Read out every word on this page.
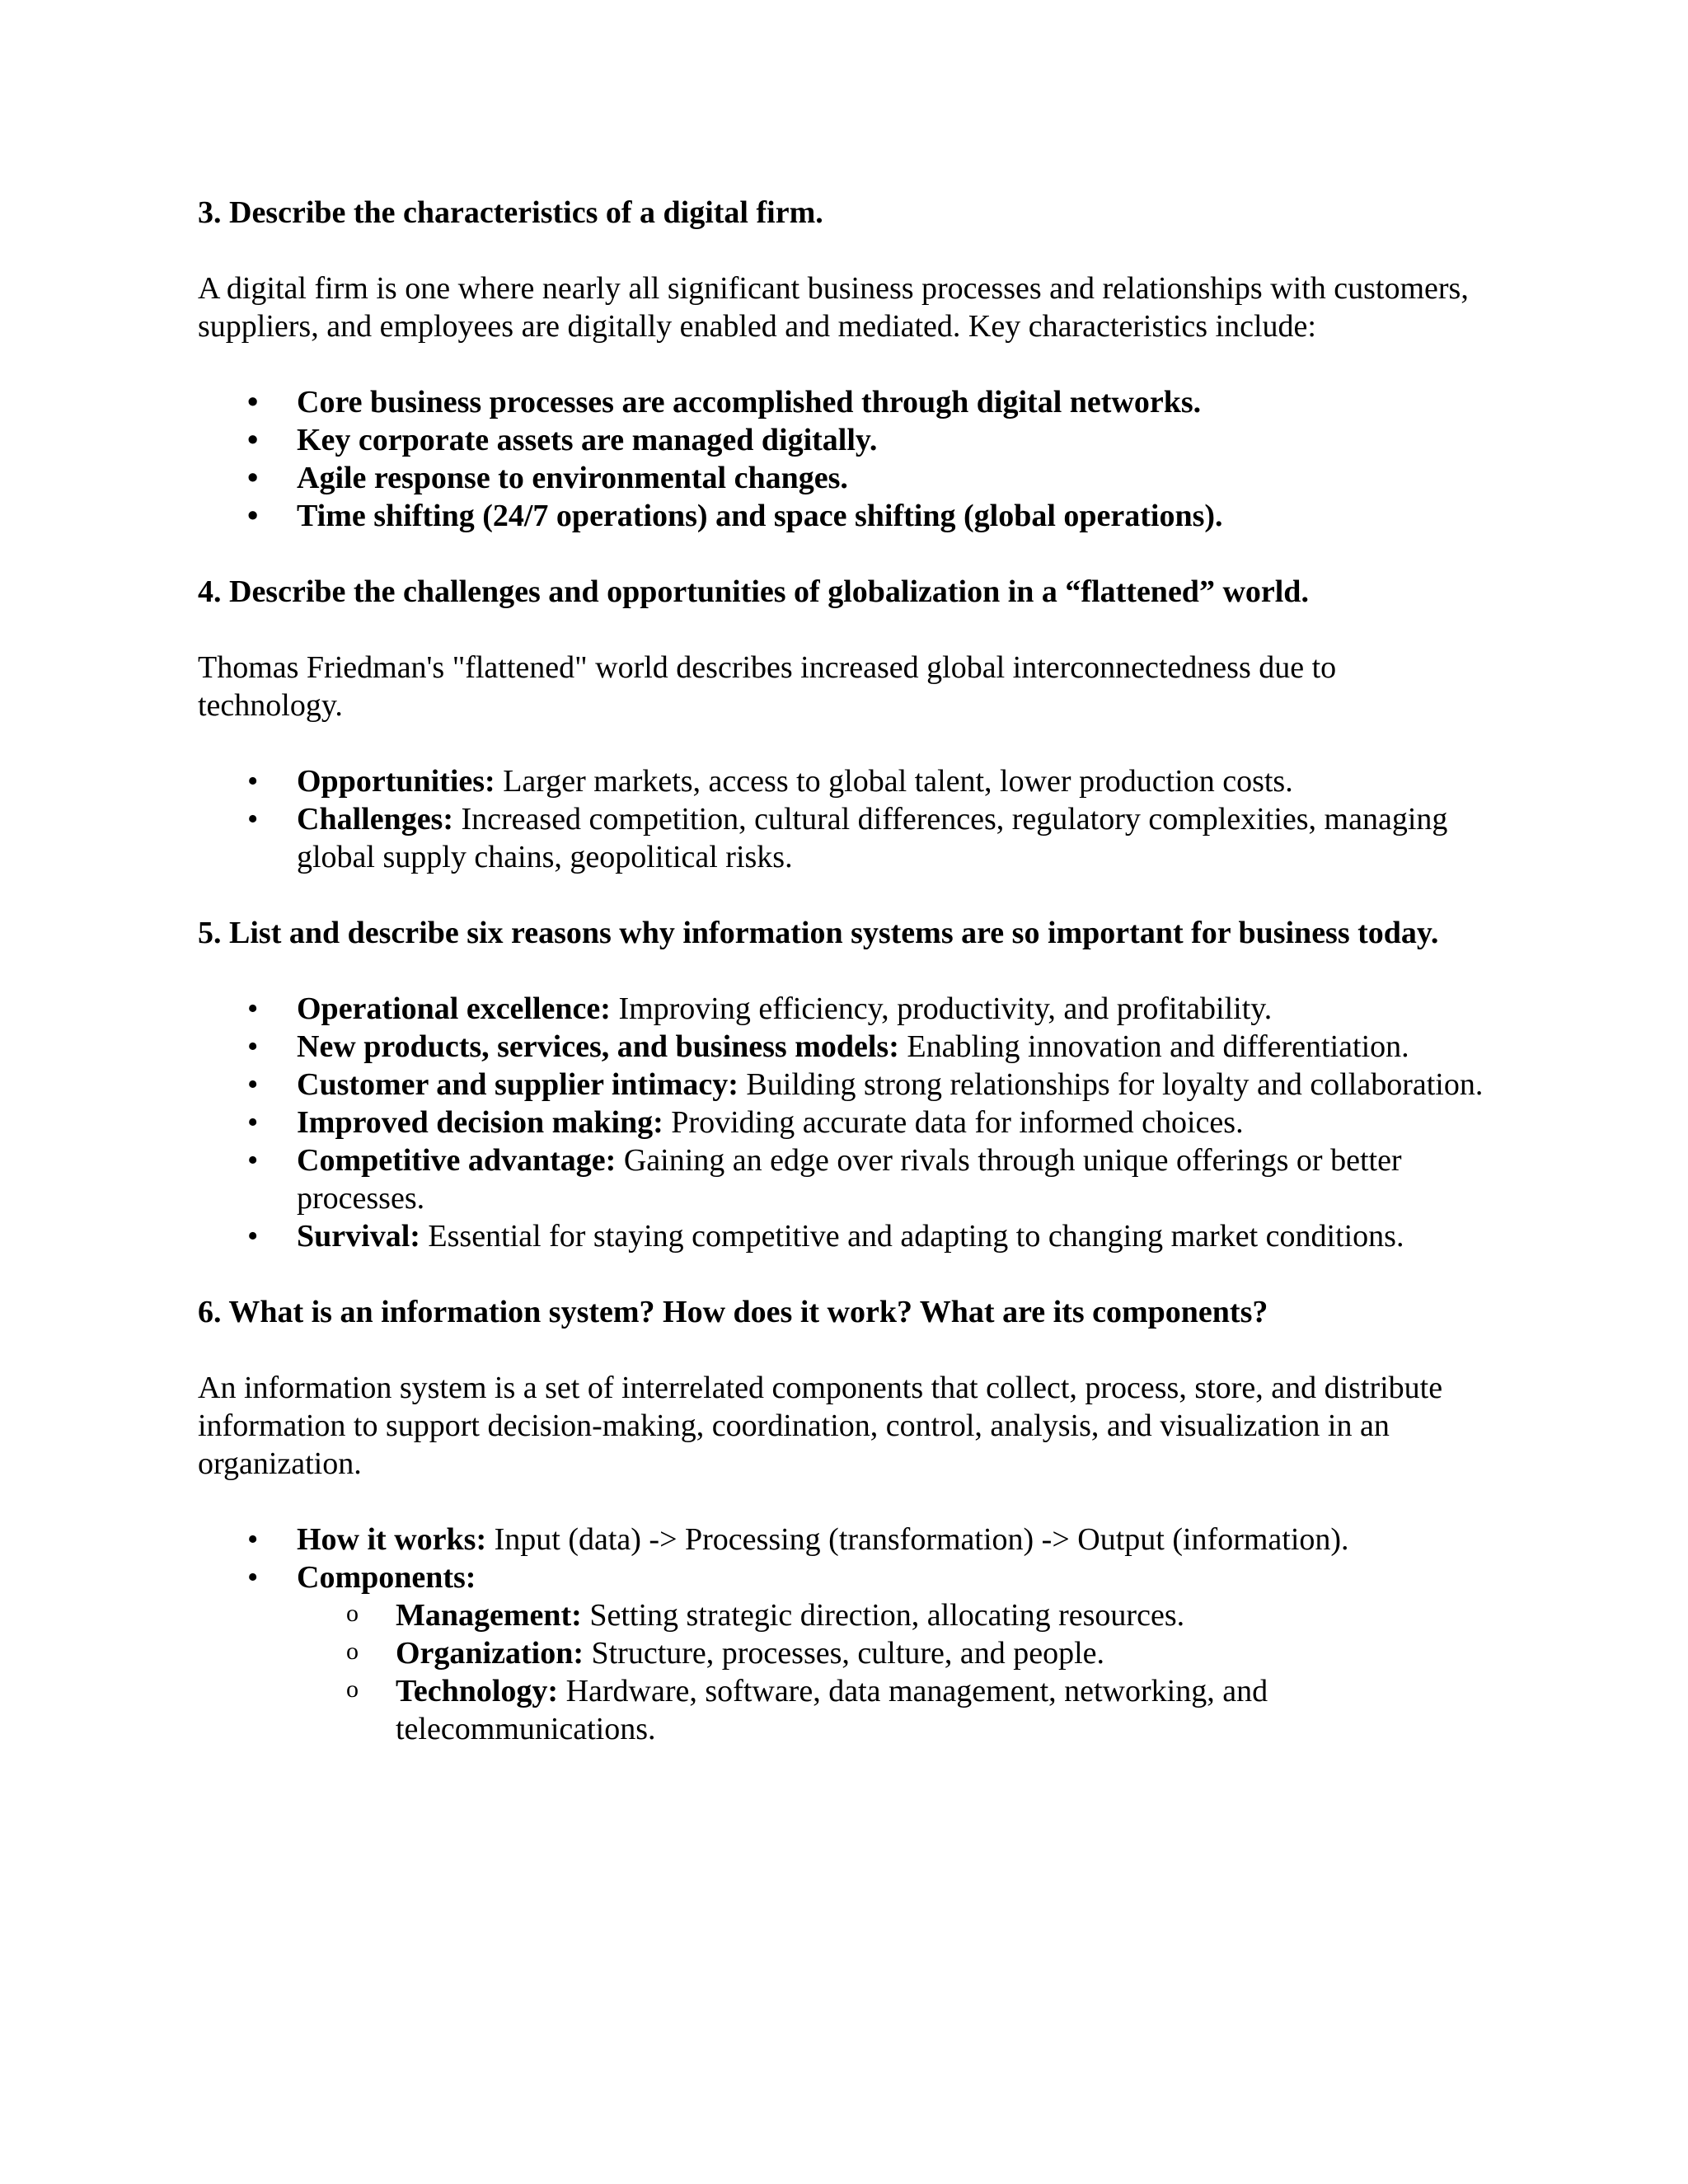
3. Describe the characteristics of a digital firm.
A digital firm is one where nearly all significant business processes and relationships with customers, suppliers, and employees are digitally enabled and mediated. Key characteristics include:
• Core business processes are accomplished through digital networks.
• Key corporate assets are managed digitally.
• Agile response to environmental changes.
• Time shifting (24/7 operations) and space shifting (global operations).
4. Describe the challenges and opportunities of globalization in a “flattened” world.
Thomas Friedman's "flattened" world describes increased global interconnectedness due to technology.
• Opportunities: Larger markets, access to global talent, lower production costs.
• Challenges: Increased competition, cultural differences, regulatory complexities, managing global supply chains, geopolitical risks.
5. List and describe six reasons why information systems are so important for business today.
• Operational excellence: Improving efficiency, productivity, and profitability.
• New products, services, and business models: Enabling innovation and differentiation.
• Customer and supplier intimacy: Building strong relationships for loyalty and collaboration.
• Improved decision making: Providing accurate data for informed choices.
• Competitive advantage: Gaining an edge over rivals through unique offerings or better processes.
• Survival: Essential for staying competitive and adapting to changing market conditions.
6. What is an information system? How does it work? What are its components?
An information system is a set of interrelated components that collect, process, store, and distribute information to support decision-making, coordination, control, analysis, and visualization in an organization.
• How it works: Input (data) -> Processing (transformation) -> Output (information).
• Components:
o Management: Setting strategic direction, allocating resources.
o Organization: Structure, processes, culture, and people.
o Technology: Hardware, software, data management, networking, and telecommunications.
